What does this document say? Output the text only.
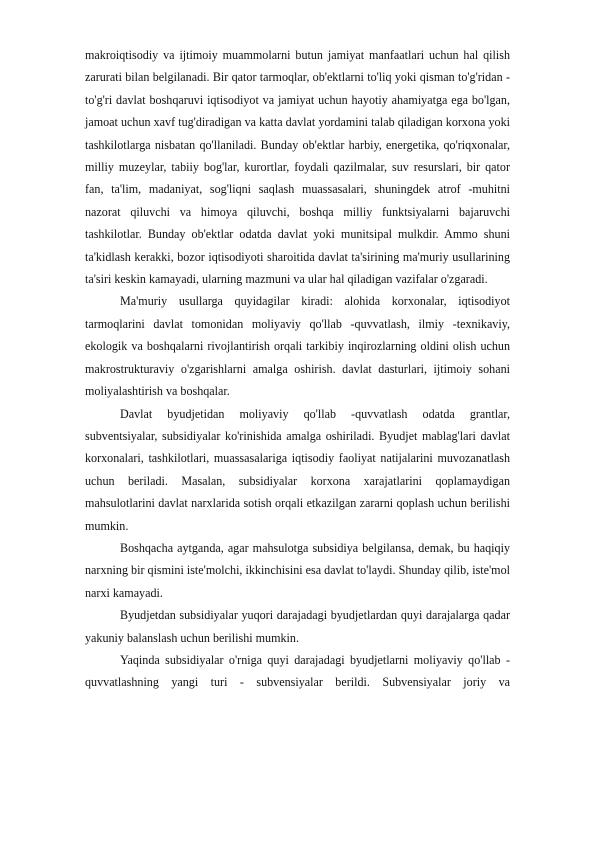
makroiqtisodiy va ijtimoiy muammolarni butun jamiyat manfaatlari uchun hal qilish zarurati bilan belgilanadi. Bir qator tarmoqlar, ob'ektlarni to'liq yoki qisman to'g'ridan -to'g'ri davlat boshqaruvi iqtisodiyot va jamiyat uchun hayotiy ahamiyatga ega bo'lgan, jamoat uchun xavf tug'diradigan va katta davlat yordamini talab qiladigan korxona yoki tashkilotlarga nisbatan qo'llaniladi. Bunday ob'ektlar harbiy, energetika, qo'riqxonalar, milliy muzeylar, tabiiy bog'lar, kurortlar, foydali qazilmalar, suv resurslari, bir qator fan, ta'lim, madaniyat, sog'liqni saqlash muassasalari, shuningdek atrof -muhitni nazorat qiluvchi va himoya qiluvchi, boshqa milliy funktsiyalarni bajaruvchi tashkilotlar. Bunday ob'ektlar odatda davlat yoki munitsipal mulkdir. Ammo shuni ta'kidlash kerakki, bozor iqtisodiyoti sharoitida davlat ta'sirining ma'muriy usullarining ta'siri keskin kamayadi, ularning mazmuni va ular hal qiladigan vazifalar o'zgaradi.

Ma'muriy usullarga quyidagilar kiradi: alohida korxonalar, iqtisodiyot tarmoqlarini davlat tomonidan moliyaviy qo'llab -quvvatlash, ilmiy -texnikaviy, ekologik va boshqalarni rivojlantirish orqali tarkibiy inqirozlarning oldini olish uchun makrostrukturaviy o'zgarishlarni amalga oshirish. davlat dasturlari, ijtimoiy sohani moliyalashtirish va boshqalar.

Davlat byudjetidan moliyaviy qo'llab -quvvatlash odatda grantlar, subventsiyalar, subsidiyalar ko'rinishida amalga oshiriladi. Byudjet mablag'lari davlat korxonalari, tashkilotlari, muassasalariga iqtisodiy faoliyat natijalarini muvozanatlash uchun beriladi. Masalan, subsidiyalar korxona xarajatlarini qoplamaydigan mahsulotlarini davlat narxlarida sotish orqali etkazilgan zararni qoplash uchun berilishi mumkin.

Boshqacha aytganda, agar mahsulotga subsidiya belgilansa, demak, bu haqiqiy narxning bir qismini iste'molchi, ikkinchisini esa davlat to'laydi. Shunday qilib, iste'mol narxi kamayadi.

Byudjetdan subsidiyalar yuqori darajadagi byudjetlardan quyi darajalarga qadar yakuniy balanslash uchun berilishi mumkin.

Yaqinda subsidiyalar o'rniga quyi darajadagi byudjetlarni moliyaviy qo'llab -quvvatlashning yangi turi - subvensiyalar berildi. Subvensiyalar joriy va
